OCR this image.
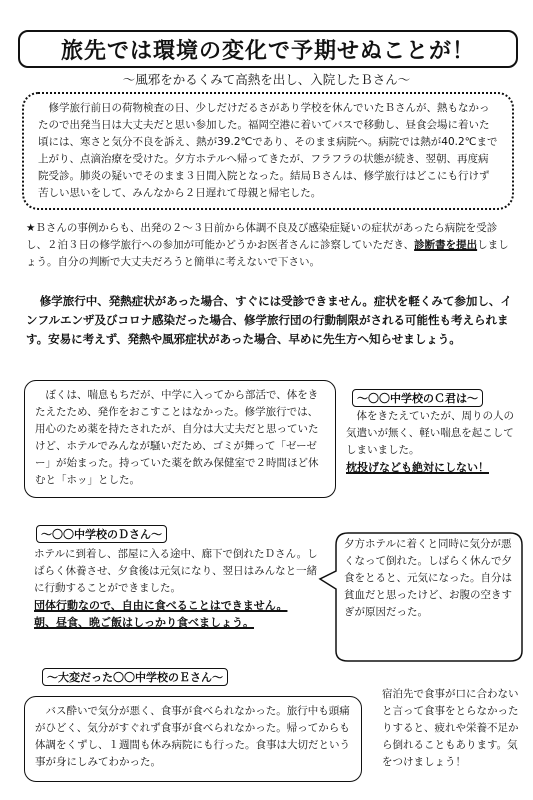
旅先では環境の変化で予期せぬことが！
〜風邪をかるくみて高熱を出し、入院したＢさん〜

修学旅行前日の荷物検査の日、少しだけだるさがあり学校を休んでいたＢさんが、熱もなかったので出発当日は大丈夫だと思い参加した。福岡空港に着いてバスで移動し、昼食会場に着いた頃には、寒さと気分不良を訴え、熱が39.2℃であり、そのまま病院へ。病院では熱が40.2℃まで上がり、点滴治療を受けた。夕方ホテルへ帰ってきたが、フラフラの状態が続き、翌朝、再度病院受診。肺炎の疑いでそのまま３日間入院となった。結局Ｂさんは、修学旅行はどこにも行けず苦しい思いをして、みんなから２日遅れて母親と帰宅した。

★Ｂさんの事例からも、出発の２〜３日前から体調不良及び感染症疑いの症状があったら病院を受診し、２泊３日の修学旅行への参加が可能かどうかお医者さんに診察していただき、診断書を提出しましょう。自分の判断で大丈夫だろうと簡単に考えないで下さい。
修学旅行中、発熱症状があった場合、すぐには受診できません。症状を軽くみて参加し、インフルエンザ及びコロナ感染だった場合、修学旅行団の行動制限がされる可能性も考えられます。安易に考えず、発熱や風邪症状があった場合、早めに先生方へ知らせましょう。

ぼくは、喘息もちだが、中学に入ってから部活で、体をきたえたため、発作をおこすことはなかった。修学旅行では、用心のため薬を持たされたが、自分は大丈夫だと思っていたけど、ホテルでみんなが騒いだため、ゴミが舞って「ゼーゼー」が始まった。持っていた薬を飲み保健室で２時間ほど休むと「ホッ」とした。

〜〇〇中学校のＣ君は〜

体をきたえていたが、周りの人の気遣いが無く、軽い喘息を起こしてしまいました。

枕投げなども絶対にしない！
〜〇〇中学校のＤさん〜
ホテルに到着し、部屋に入る途中、廊下で倒れたＤさん。しばらく休養させ、夕食後は元気になり、翌日はみんなと一緒に行動することができました。
団体行動なので、自由に食べることはできません。
朝、昼食、晩ご飯はしっかり食べましょう。
夕方ホテルに着くと同時に気分が悪くなって倒れた。しばらく休んで夕食をとると、元気になった。自分は貧血だと思ったけど、お腹の空きすぎが原因だった。
〜大変だった〇〇中学校のＥさん〜

バス酔いで気分が悪く、食事が食べられなかった。旅行中も頭痛がひどく、気分がすぐれず食事が食べられなかった。帰ってからも体調をくずし、１週間も休み病院にも行った。食事は大切だという事が身にしみてわかった。

宿泊先で食事が口に合わないと言って食事をとらなかったりすると、疲れや栄養不足から倒れることもあります。気をつけましょう！
